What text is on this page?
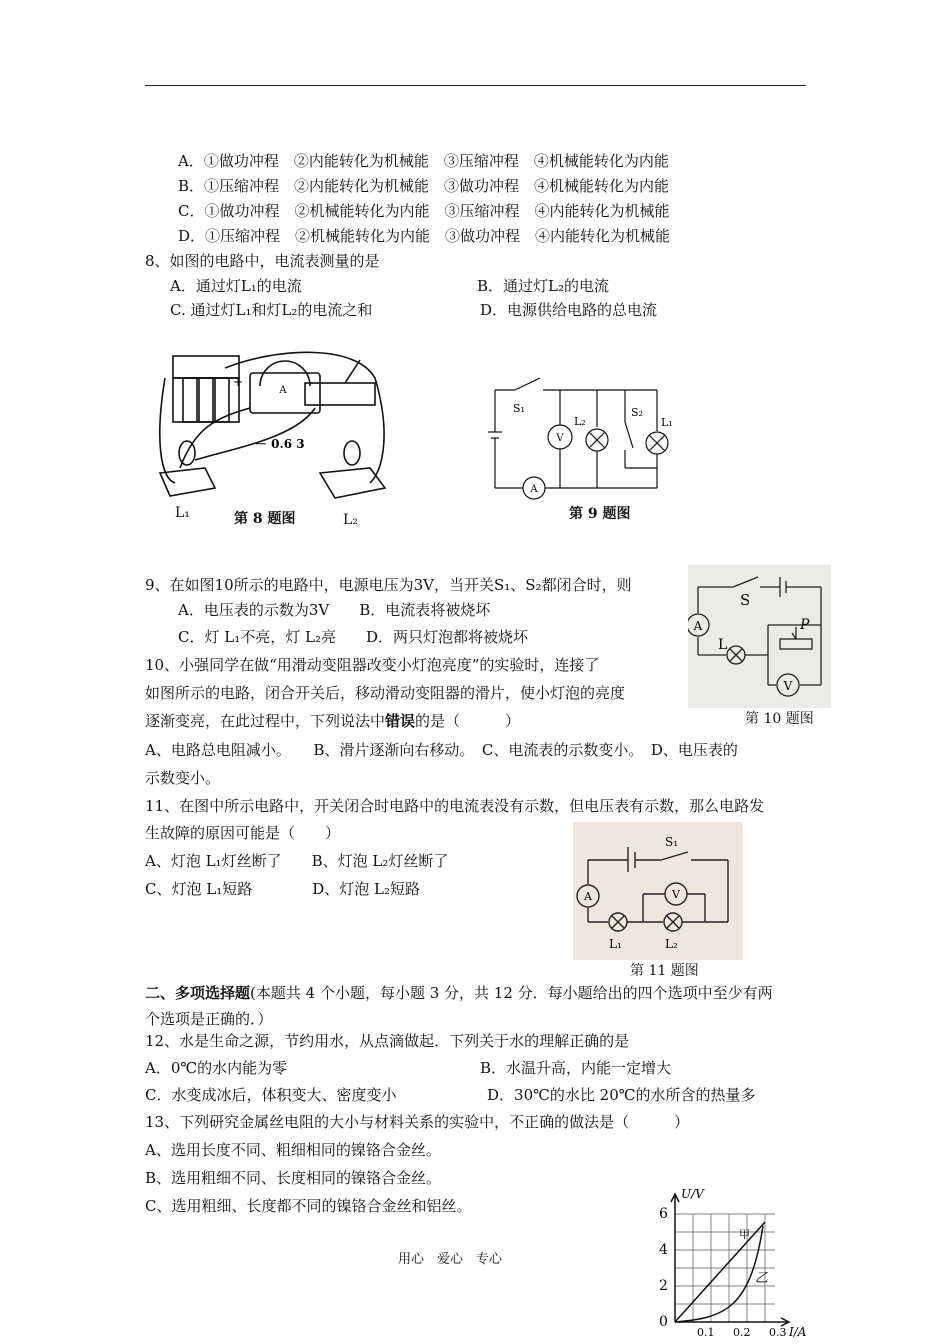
A．①做功冲程　②内能转化为机械能　③压缩冲程　④机械能转化为内能
B．①压缩冲程　②内能转化为机械能　③做功冲程　④机械能转化为内能
C．①做功冲程　②机械能转化为内能　③压缩冲程　④内能转化为机械能
D．①压缩冲程　②机械能转化为内能　③做功冲程　④内能转化为机械能
8、如图的电路中，电流表测量的是
A．通过灯L₁的电流	B．通过灯L₂的电流
C. 通过灯L₁和灯L₂的电流之和	D．电源供给电路的总电流
9、在如图10所示的电路中，电源电压为3V，当开关S₁、S₂都闭合时，则
A．电压表的示数为3V　　B．电流表将被烧坏
C．灯 L₁不亮，灯 L₂亮　　D．两只灯泡都将被烧坏
10、小强同学在做“用滑动变阻器改变小灯泡亮度”的实验时，连接了
如图所示的电路，闭合开关后，移动滑动变阻器的滑片，使小灯泡的亮度
A、电路总电阻减小。　　B、滑片逐渐向右移动。　C、电流表的示数变小。　D、电压表的
示数变小。
11、在图中所示电路中，开关闭合时电路中的电流表没有示数，但电压表有示数，那么电路发
生故障的原因可能是（　　）
A、灯泡 L₁灯丝断了　　B、灯泡 L₂灯丝断了
C、灯泡 L₁短路　　　　D、灯泡 L₂短路
个选项是正确的．）
12、水是生命之源，节约用水，从点滴做起．下列关于水的理解正确的是
A．0℃的水内能为零	B．水温升高，内能一定增大
C．水变成冰后，体积变大、密度变小	D．30℃的水比 20℃的水所含的热量多
13、下列研究金属丝电阻的大小与材料关系的实验中，不正确的做法是（　　　）
A、选用长度不同、粗细相同的镍铬合金丝。
B、选用粗细不同、长度相同的镍铬合金丝。
C、选用粗细、长度都不同的镍铬合金丝和铝丝。
逐渐变亮，在此过程中，下列说法中错误的是（　　　）
二、多项选择题(本题共 4 个小题，每小题 3 分，共 12 分．每小题给出的四个选项中至少有两
A
－ 0.6 3
+
L₁	第 8 题图	L₂
S₁
L₂
S₂
L₁
V
A
第 9 题图
S
A
L
P
V
第 10 题图
S₁
A	V
L₁	L₂
第 11 题图
U/V
6
4
2
0
甲
乙
0.1 0.2 0.3 I/A
用心　爱心　专心
